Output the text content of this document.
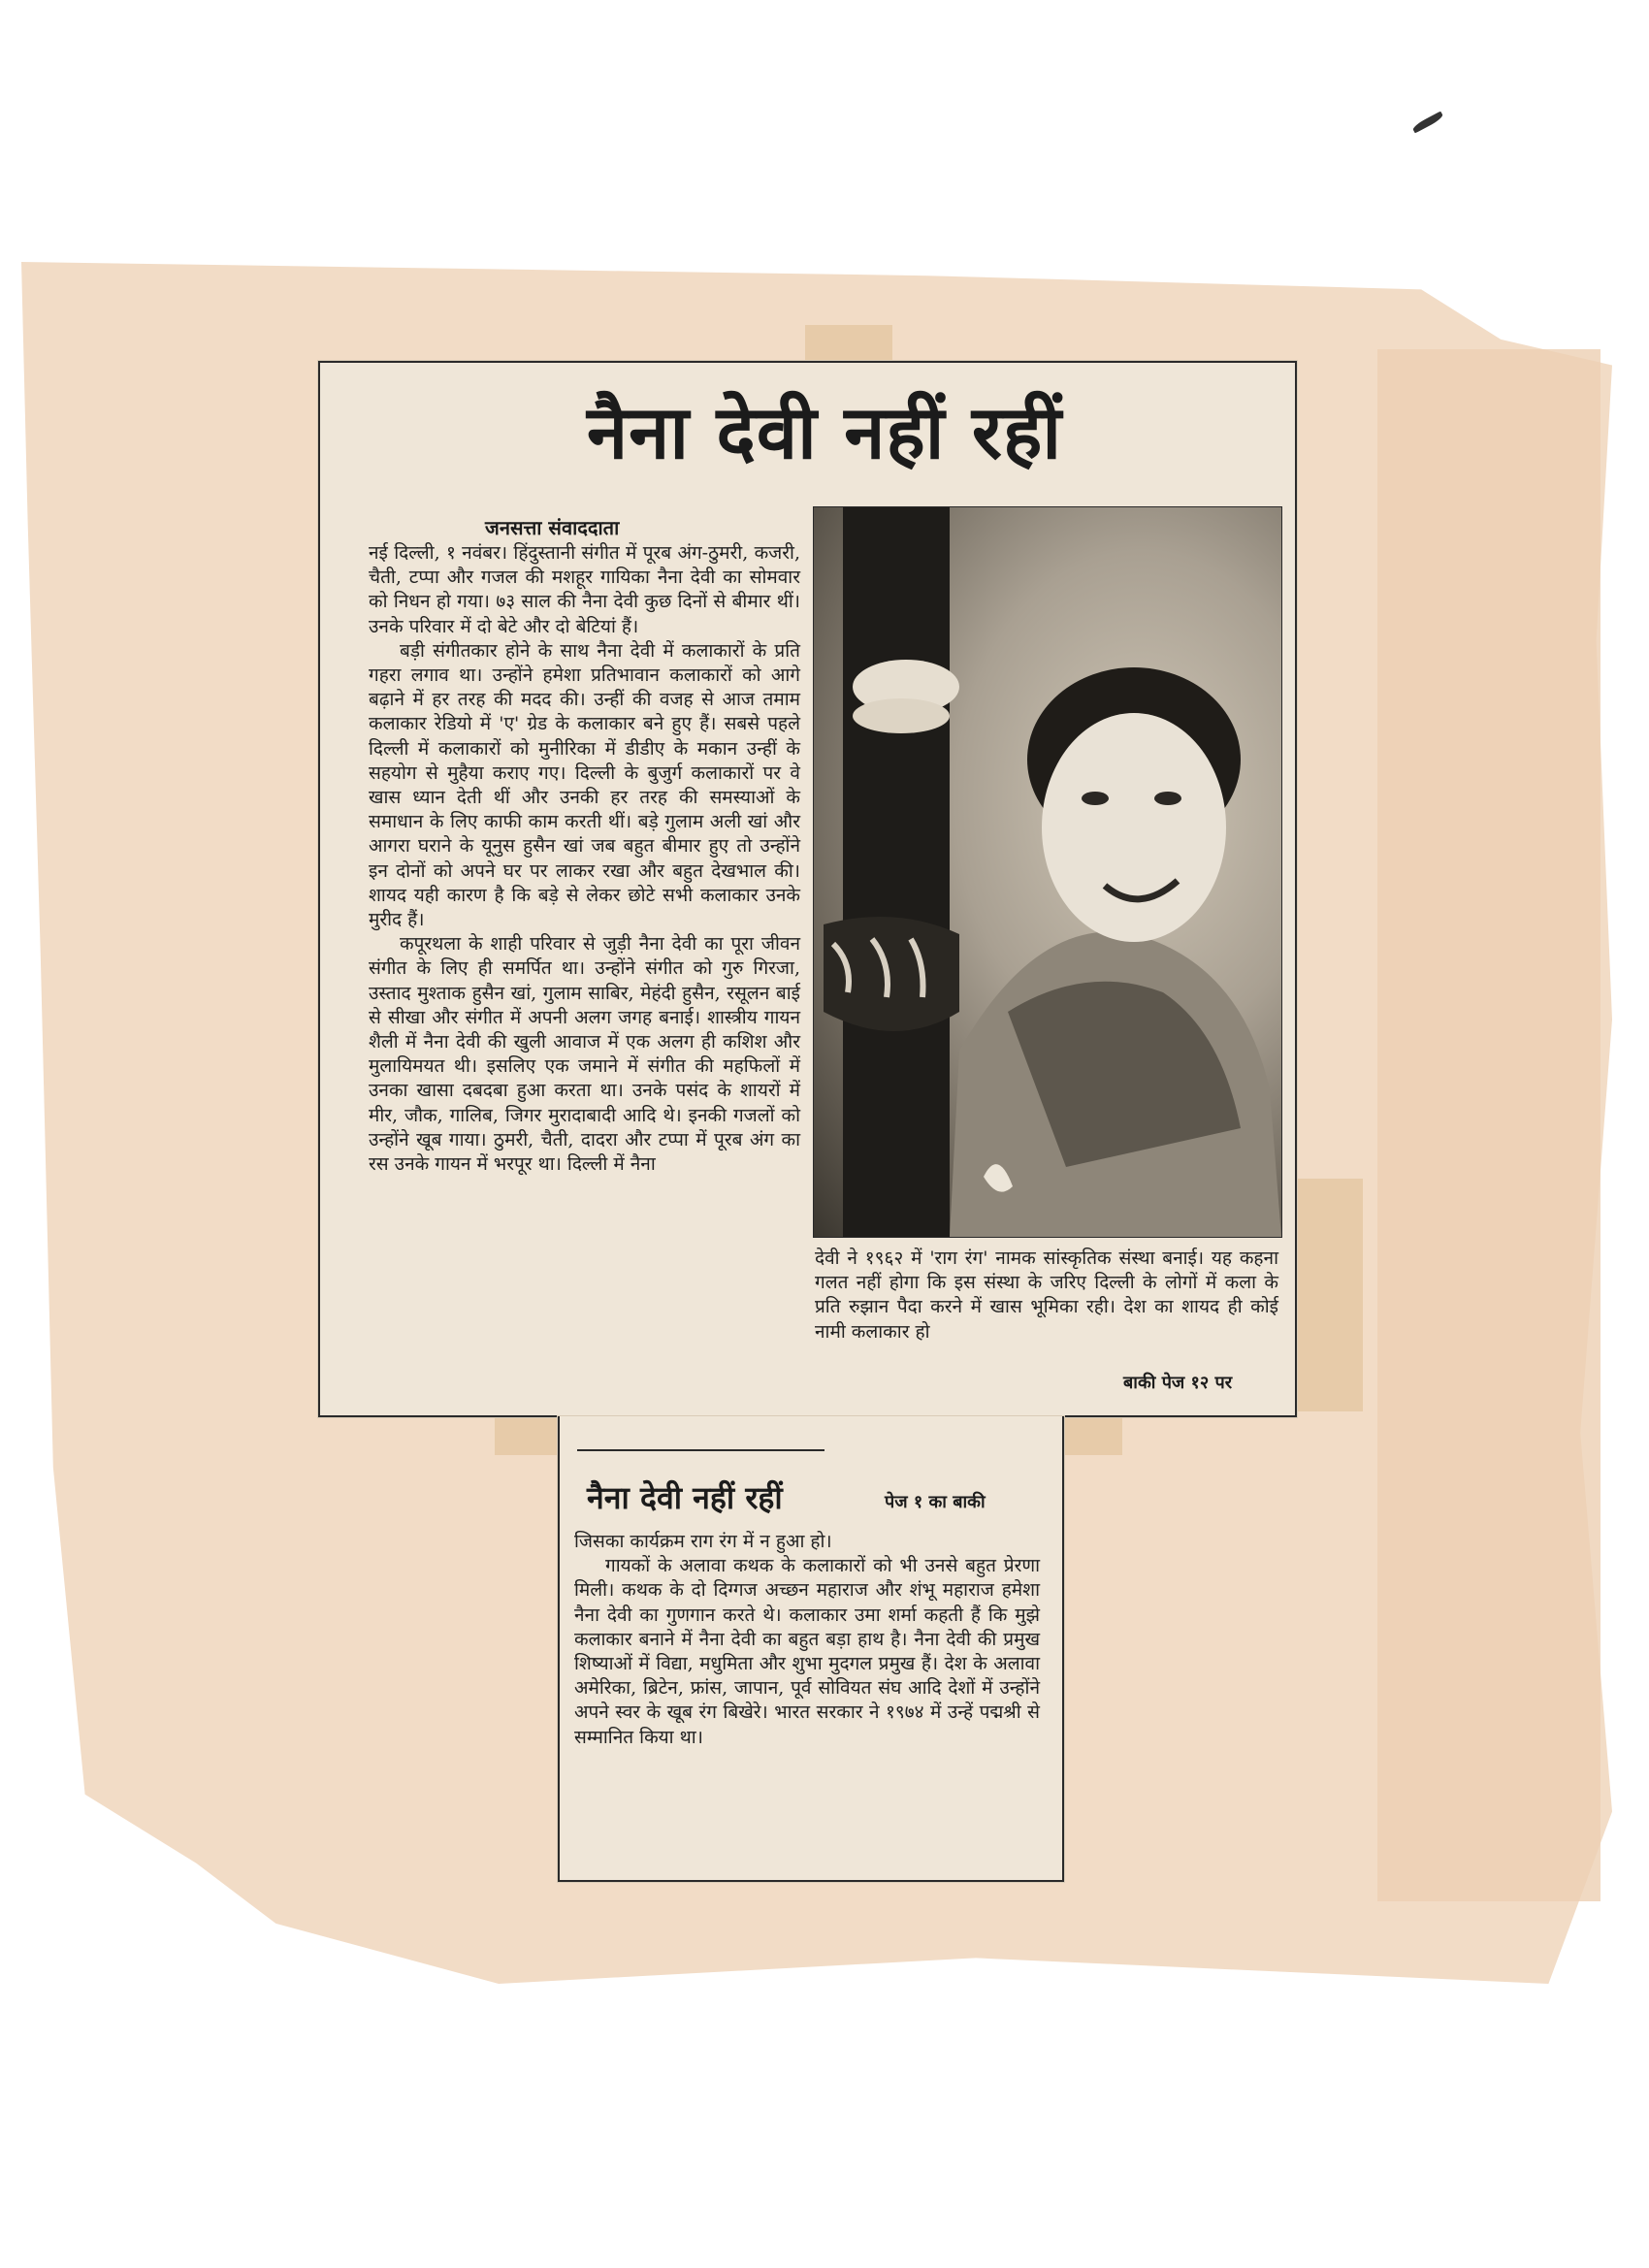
नैना देवी नहीं रहीं
जनसत्ता संवाददाता

नई दिल्ली, १ नवंबर। हिंदुस्तानी संगीत में पूरब अंग-ठुमरी, कजरी, चैती, टप्पा और गजल की मशहूर गायिका नैना देवी का सोमवार को निधन हो गया। ७३ साल की नैना देवी कुछ दिनों से बीमार थीं। उनके परिवार में दो बेटे और दो बेटियां हैं।

बड़ी संगीतकार होने के साथ नैना देवी में कलाकारों के प्रति गहरा लगाव था। उन्होंने हमेशा प्रतिभावान कलाकारों को आगे बढ़ाने में हर तरह की मदद की। उन्हीं की वजह से आज तमाम कलाकार रेडियो में 'ए' ग्रेड के कलाकार बने हुए हैं। सबसे पहले दिल्ली में कलाकारों को मुनीरिका में डीडीए के मकान उन्हीं के सहयोग से मुहैया कराए गए। दिल्ली के बुजुर्ग कलाकारों पर वे खास ध्यान देती थीं और उनकी हर तरह की समस्याओं के समाधान के लिए काफी काम करती थीं। बड़े गुलाम अली खां और आगरा घराने के यूनुस हुसैन खां जब बहुत बीमार हुए तो उन्होंने इन दोनों को अपने घर पर लाकर रखा और बहुत देखभाल की। शायद यही कारण है कि बड़े से लेकर छोटे सभी कलाकार उनके मुरीद हैं।

कपूरथला के शाही परिवार से जुड़ी नैना देवी का पूरा जीवन संगीत के लिए ही समर्पित था। उन्होंने संगीत को गुरु गिरजा, उस्ताद मुश्ताक हुसैन खां, गुलाम साबिर, मेहंदी हुसैन, रसूलन बाई से सीखा और संगीत में अपनी अलग जगह बनाई। शास्त्रीय गायन शैली में नैना देवी की खुली आवाज में एक अलग ही कशिश और मुलायिमयत थी। इसलिए एक जमाने में संगीत की महफिलों में उनका खासा दबदबा हुआ करता था। उनके पसंद के शायरों में मीर, जौक, गालिब, जिगर मुरादाबादी आदि थे। इनकी गजलों को उन्होंने खूब गाया। ठुमरी, चैती, दादरा और टप्पा में पूरब अंग का रस उनके गायन में भरपूर था। दिल्ली में नैना

देवी ने १९६२ में 'राग रंग' नामक सांस्कृतिक संस्था बनाई। यह कहना गलत नहीं होगा कि इस संस्था के जरिए दिल्ली के लोगों में कला के प्रति रुझान पैदा करने में खास भूमिका रही। देश का शायद ही कोई नामी कलाकार हो

बाकी पेज १२ पर
नैना देवी नहीं रहीं	पेज १ का बाकी

जिसका कार्यक्रम राग रंग में न हुआ हो।

गायकों के अलावा कथक के कलाकारों को भी उनसे बहुत प्रेरणा मिली। कथक के दो दिग्गज अच्छन महाराज और शंभू महाराज हमेशा नैना देवी का गुणगान करते थे। कलाकार उमा शर्मा कहती हैं कि मुझे कलाकार बनाने में नैना देवी का बहुत बड़ा हाथ है। नैना देवी की प्रमुख शिष्याओं में विद्या, मधुमिता और शुभा मुदगल प्रमुख हैं। देश के अलावा अमेरिका, ब्रिटेन, फ्रांस, जापान, पूर्व सोवियत संघ आदि देशों में उन्होंने अपने स्वर के खूब रंग बिखेरे। भारत सरकार ने १९७४ में उन्हें पद्मश्री से सम्मानित किया था।
